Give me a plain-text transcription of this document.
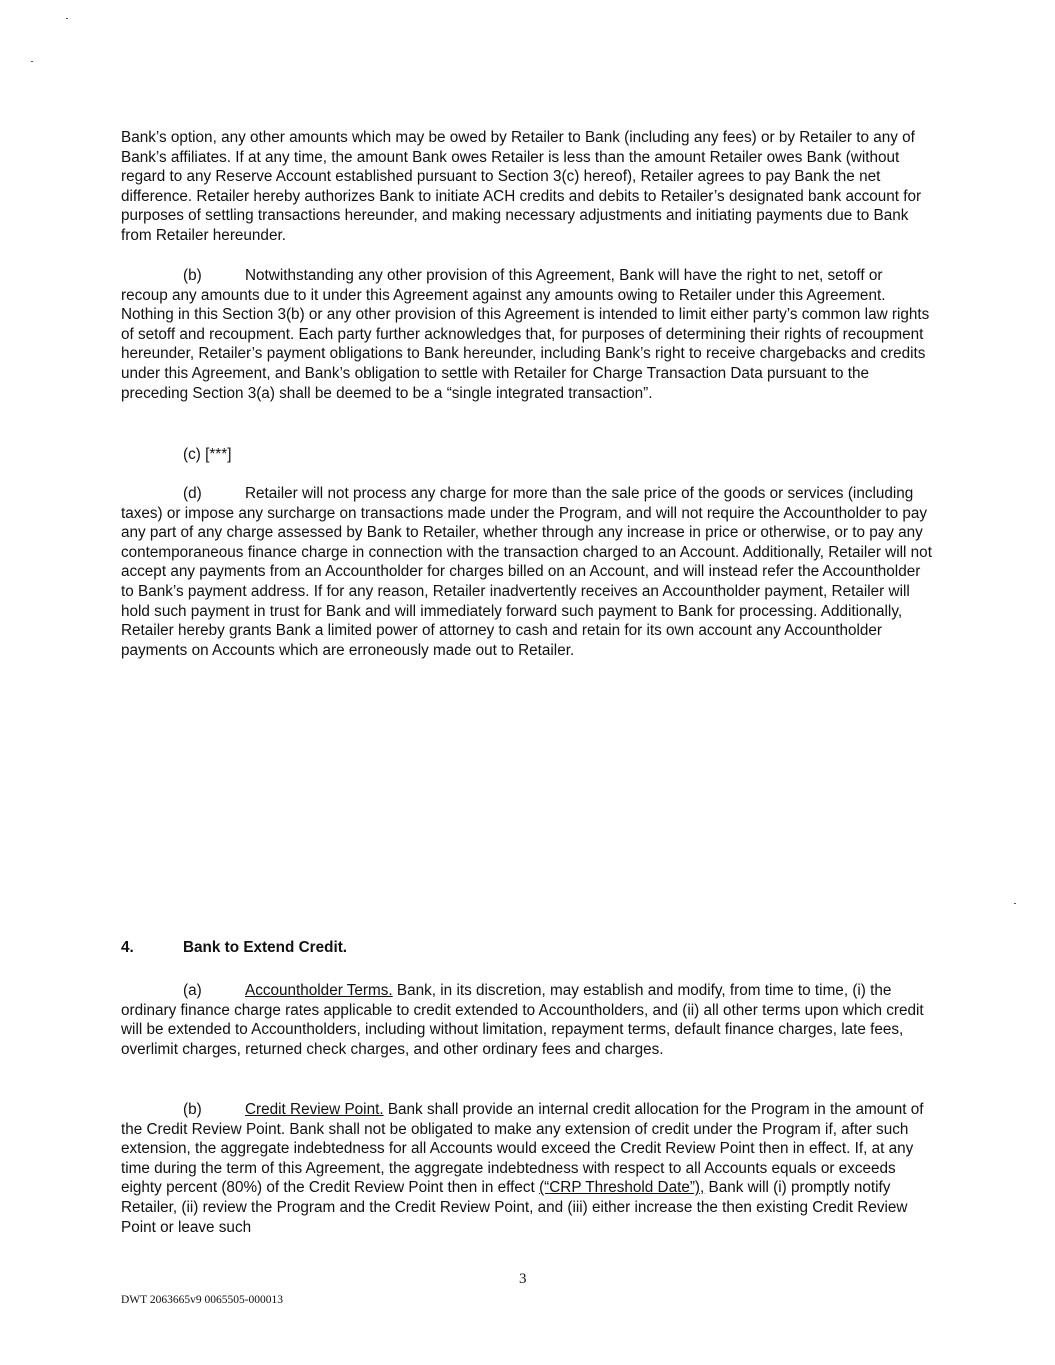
Bank’s option, any other amounts which may be owed by Retailer to Bank (including any fees) or by Retailer to any of Bank’s affiliates. If at any time, the amount Bank owes Retailer is less than the amount Retailer owes Bank (without regard to any Reserve Account established pursuant to Section 3(c) hereof), Retailer agrees to pay Bank the net difference. Retailer hereby authorizes Bank to initiate ACH credits and debits to Retailer’s designated bank account for purposes of settling transactions hereunder, and making necessary adjustments and initiating payments due to Bank from Retailer hereunder.

(b)	Notwithstanding any other provision of this Agreement, Bank will have the right to net, setoff or recoup any amounts due to it under this Agreement against any amounts owing to Retailer under this Agreement. Nothing in this Section 3(b) or any other provision of this Agreement is intended to limit either party’s common law rights of setoff and recoupment. Each party further acknowledges that, for purposes of determining their rights of recoupment hereunder, Retailer’s payment obligations to Bank hereunder, including Bank’s right to receive chargebacks and credits under this Agreement, and Bank’s obligation to settle with Retailer for Charge Transaction Data pursuant to the preceding Section 3(a) shall be deemed to be a “single integrated transaction”.

(c) [***]

(d)	Retailer will not process any charge for more than the sale price of the goods or services (including taxes) or impose any surcharge on transactions made under the Program, and will not require the Accountholder to pay any part of any charge assessed by Bank to Retailer, whether through any increase in price or otherwise, or to pay any contemporaneous finance charge in connection with the transaction charged to an Account. Additionally, Retailer will not accept any payments from an Accountholder for charges billed on an Account, and will instead refer the Accountholder to Bank’s payment address. If for any reason, Retailer inadvertently receives an Accountholder payment, Retailer will hold such payment in trust for Bank and will immediately forward such payment to Bank for processing. Additionally, Retailer hereby grants Bank a limited power of attorney to cash and retain for its own account any Accountholder payments on Accounts which are erroneously made out to Retailer.

4.	Bank to Extend Credit.

(a)	Accountholder Terms. Bank, in its discretion, may establish and modify, from time to time, (i) the ordinary finance charge rates applicable to credit extended to Accountholders, and (ii) all other terms upon which credit will be extended to Accountholders, including without limitation, repayment terms, default finance charges, late fees, overlimit charges, returned check charges, and other ordinary fees and charges.

(b)	Credit Review Point. Bank shall provide an internal credit allocation for the Program in the amount of the Credit Review Point. Bank shall not be obligated to make any extension of credit under the Program if, after such extension, the aggregate indebtedness for all Accounts would exceed the Credit Review Point then in effect. If, at any time during the term of this Agreement, the aggregate indebtedness with respect to all Accounts equals or exceeds eighty percent (80%) of the Credit Review Point then in effect (“CRP Threshold Date”), Bank will (i) promptly notify Retailer, (ii) review the Program and the Credit Review Point, and (iii) either increase the then existing Credit Review Point or leave such

3

DWT 2063665v9 0065505-000013
